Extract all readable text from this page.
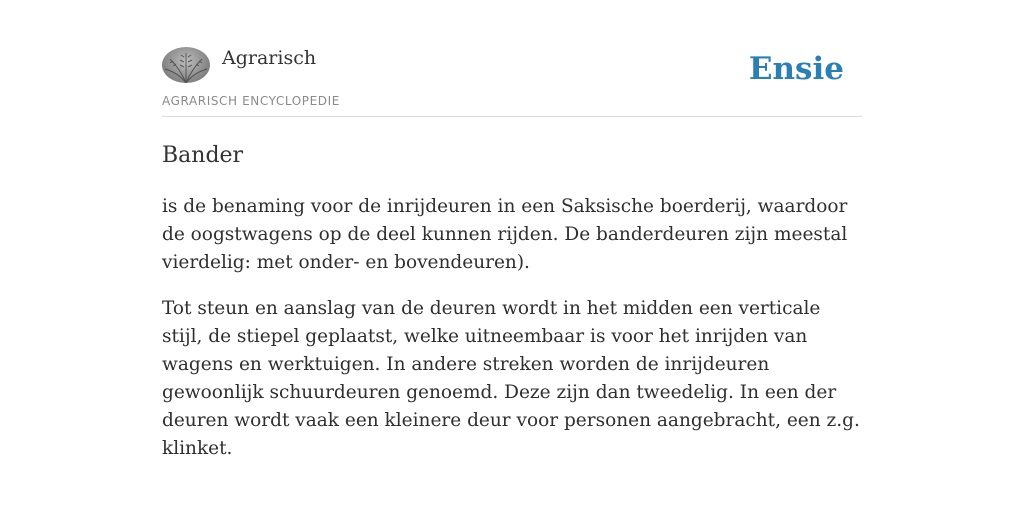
Agrarisch
AGRARISCH ENCYCLOPEDIE
Ensie
Bander

is de benaming voor de inrijdeuren in een Saksische boerderij, waardoor de oogstwagens op de deel kunnen rijden. De banderdeuren zijn meestal vierdelig: met onder- en bovendeuren).

Tot steun en aanslag van de deuren wordt in het midden een verticale stijl, de stiepel geplaatst, welke uitneembaar is voor het inrijden van wagens en werktuigen. In andere streken worden de inrijdeuren gewoonlijk schuurdeuren genoemd. Deze zijn dan tweedelig. In een der deuren wordt vaak een kleinere deur voor personen aangebracht, een z.g. klinket.
